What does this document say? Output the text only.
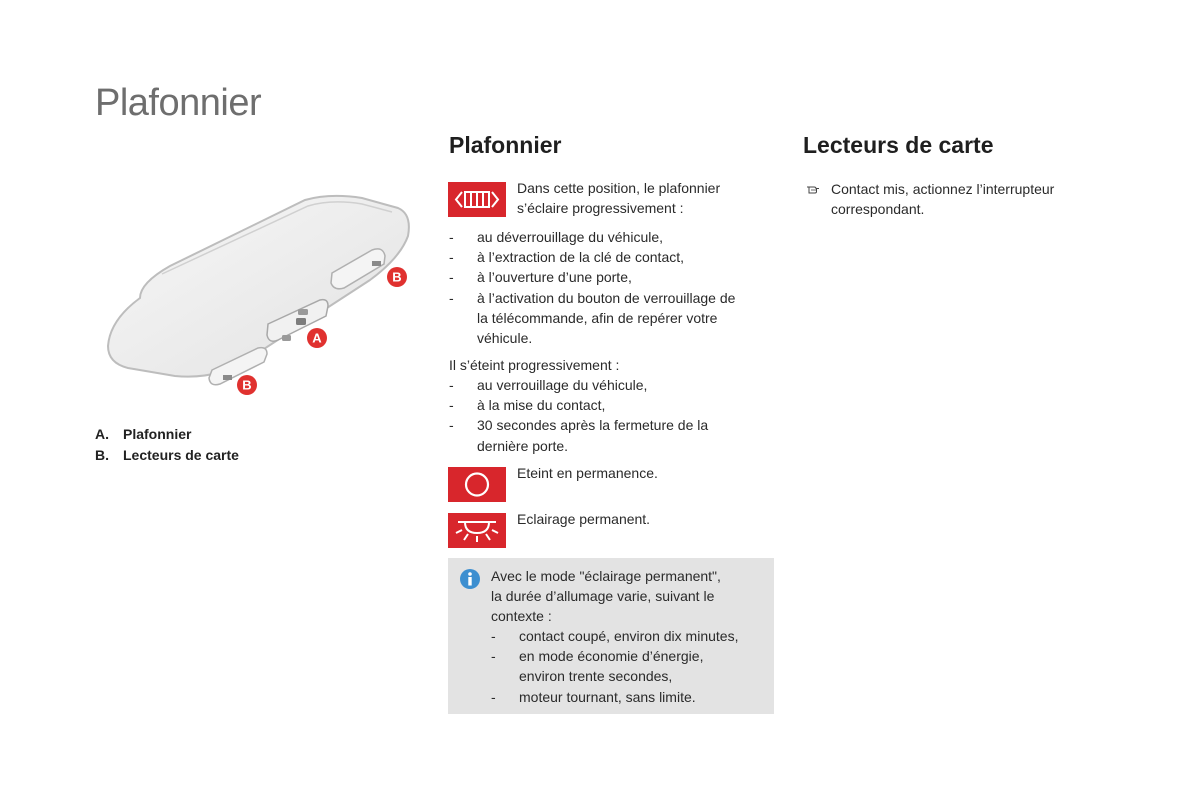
Plafonnier
B
A
B
A. Plafonnier
B. Lecteurs de carte
Plafonnier
Dans cette position, le plafonnier
s’éclaire progressivement :
- au déverrouillage du véhicule,
- à l’extraction de la clé de contact,
- à l’ouverture d’une porte,
- à l’activation du bouton de verrouillage de
la télécommande, afin de repérer votre
véhicule.
Il s’éteint progressivement :
- au verrouillage du véhicule,
- à la mise du contact,
- 30 secondes après la fermeture de la
dernière porte.
Eteint en permanence.
Eclairage permanent.
Avec le mode "éclairage permanent",
la durée d’allumage varie, suivant le
contexte :
- contact coupé, environ dix minutes,
- en mode économie d’énergie,
environ trente secondes,
- moteur tournant, sans limite.
Lecteurs de carte
Contact mis, actionnez l’interrupteur
correspondant.
